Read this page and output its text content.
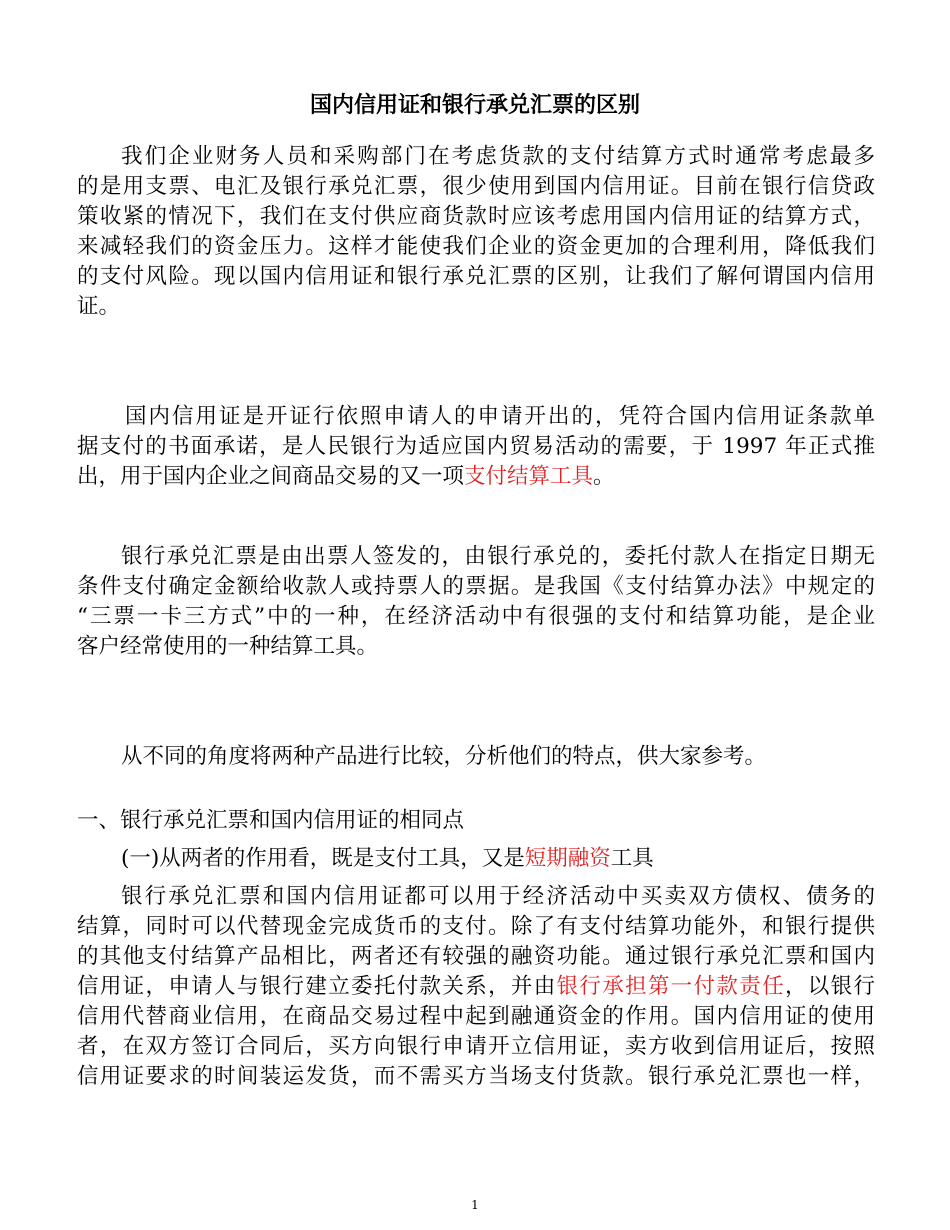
国内信用证和银行承兑汇票的区别
我们企业财务人员和采购部门在考虑货款的支付结算方式时通常考虑最多
的是用支票、电汇及银行承兑汇票，很少使用到国内信用证。目前在银行信贷政
策收紧的情况下，我们在支付供应商货款时应该考虑用国内信用证的结算方式，
来减轻我们的资金压力。这样才能使我们企业的资金更加的合理利用，降低我们
的支付风险。现以国内信用证和银行承兑汇票的区别，让我们了解何谓国内信用
证。
国内信用证是开证行依照申请人的申请开出的，凭符合国内信用证条款单
据支付的书面承诺，是人民银行为适应国内贸易活动的需要，于 1997 年正式推
出，用于国内企业之间商品交易的又一项支付结算工具。
银行承兑汇票是由出票人签发的，由银行承兑的，委托付款人在指定日期无
条件支付确定金额给收款人或持票人的票据。是我国《支付结算办法》中规定的
“三票一卡三方式”中的一种，在经济活动中有很强的支付和结算功能，是企业
客户经常使用的一种结算工具。
从不同的角度将两种产品进行比较，分析他们的特点，供大家参考。
一、银行承兑汇票和国内信用证的相同点
(一)从两者的作用看，既是支付工具，又是短期融资工具
银行承兑汇票和国内信用证都可以用于经济活动中买卖双方债权、债务的
结算，同时可以代替现金完成货币的支付。除了有支付结算功能外，和银行提供
的其他支付结算产品相比，两者还有较强的融资功能。通过银行承兑汇票和国内
信用证，申请人与银行建立委托付款关系，并由银行承担第一付款责任，以银行
信用代替商业信用，在商品交易过程中起到融通资金的作用。国内信用证的使用
者，在双方签订合同后，买方向银行申请开立信用证，卖方收到信用证后，按照
信用证要求的时间装运发货，而不需买方当场支付货款。银行承兑汇票也一样，
1
